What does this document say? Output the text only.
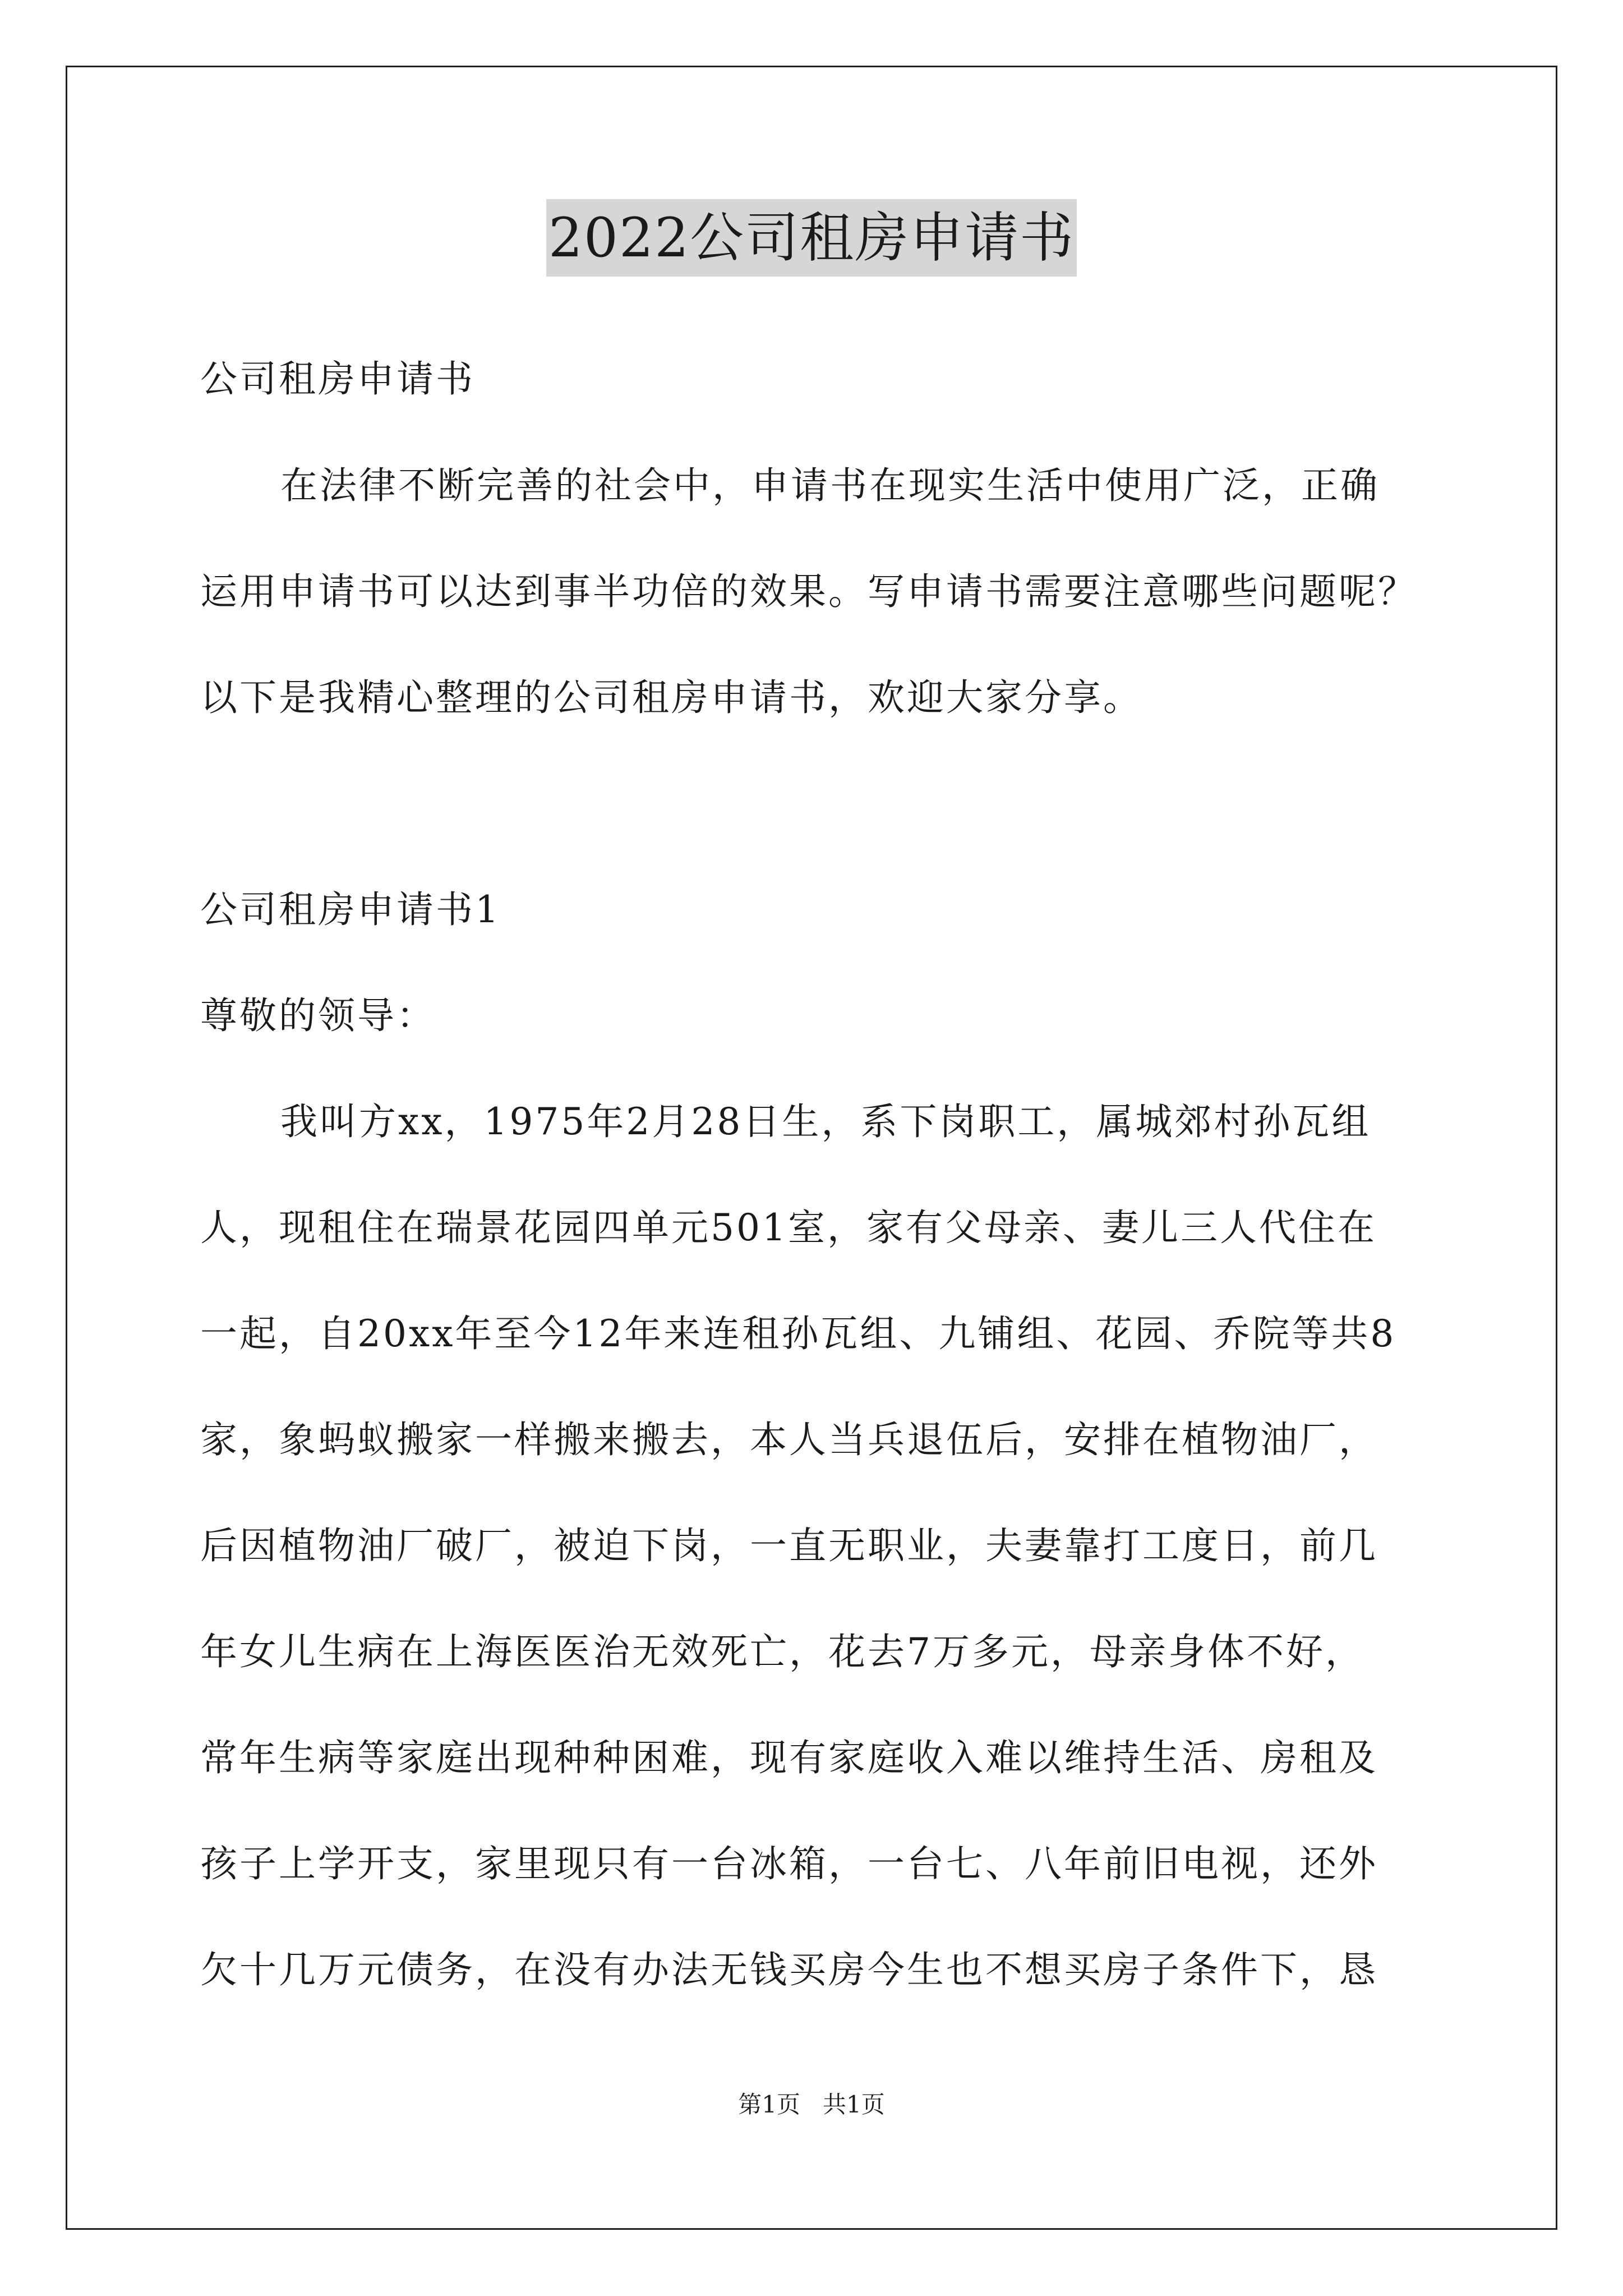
2022公司租房申请书
公司租房申请书
在法律不断完善的社会中，申请书在现实生活中使用广泛，正确
运用申请书可以达到事半功倍的效果。写申请书需要注意哪些问题呢？
以下是我精心整理的公司租房申请书，欢迎大家分享。
公司租房申请书1
尊敬的领导：
我叫方xx，1975年2月28日生，系下岗职工，属城郊村孙瓦组
人，现租住在瑞景花园四单元501室，家有父母亲、妻儿三人代住在
一起，自20xx年至今12年来连租孙瓦组、九铺组、花园、乔院等共8
家，象蚂蚁搬家一样搬来搬去，本人当兵退伍后，安排在植物油厂，
后因植物油厂破厂，被迫下岗，一直无职业，夫妻靠打工度日，前几
年女儿生病在上海医医治无效死亡，花去7万多元，母亲身体不好，
常年生病等家庭出现种种困难，现有家庭收入难以维持生活、房租及
孩子上学开支，家里现只有一台冰箱，一台七、八年前旧电视，还外
欠十几万元债务，在没有办法无钱买房今生也不想买房子条件下，恳
第1页   共1页
